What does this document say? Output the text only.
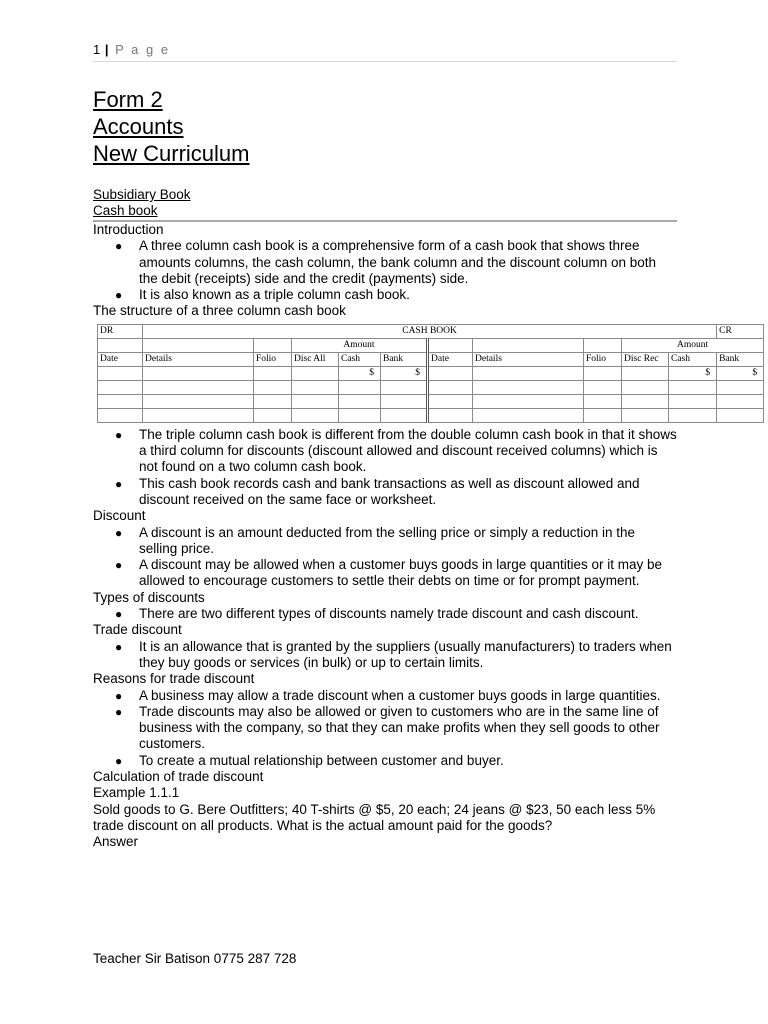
1 | P a g e
Form 2
Accounts
New Curriculum
Subsidiary Book
Cash book
Introduction
● A three column cash book is a comprehensive form of a cash book that shows three amounts columns, the cash column, the bank column and the discount column on both the debit (receipts) side and the credit (payments) side.
● It is also known as a triple column cash book.
The structure of a three column cash book
DR	CASH BOOK										CR
			Amount						Amount		
Date	Details	Folio	Disc All	Cash	Bank	Date	Details	Folio	Disc Rec	Cash	Bank
				$	$					$	$

● The triple column cash book is different from the double column cash book in that it shows a third column for discounts (discount allowed and discount received columns) which is not found on a two column cash book.
● This cash book records cash and bank transactions as well as discount allowed and discount received on the same face or worksheet.
Discount
● A discount is an amount deducted from the selling price or simply a reduction in the selling price.
● A discount may be allowed when a customer buys goods in large quantities or it may be allowed to encourage customers to settle their debts on time or for prompt payment.
Types of discounts
● There are two different types of discounts namely trade discount and cash discount.
Trade discount
● It is an allowance that is granted by the suppliers (usually manufacturers) to traders when they buy goods or services (in bulk) or up to certain limits.
Reasons for trade discount
● A business may allow a trade discount when a customer buys goods in large quantities.
● Trade discounts may also be allowed or given to customers who are in the same line of business with the company, so that they can make profits when they sell goods to other customers.
● To create a mutual relationship between customer and buyer.
Calculation of trade discount
Example 1.1.1
Sold goods to G. Bere Outfitters; 40 T-shirts @ $5, 20 each; 24 jeans @ $23, 50 each less 5% trade discount on all products. What is the actual amount paid for the goods?
Answer
Teacher Sir Batison 0775 287 728
